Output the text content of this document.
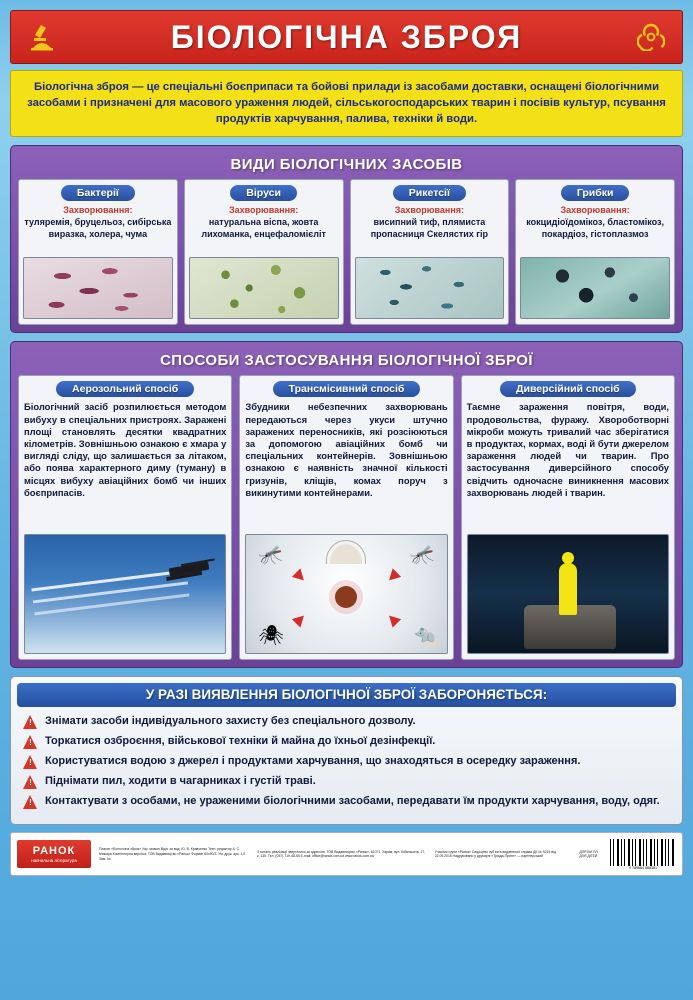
БІОЛОГІЧНА ЗБРОЯ

Біологічна зброя — це спеціальні боєприпаси та бойові прилади із засобами доставки, оснащені біологічними засобами і призначені для масового ураження людей, сільськогосподарських тварин і посівів культур, псування продуктів харчування, палива, техніки й води.

ВИДИ БІОЛОГІЧНИХ ЗАСОБІВ
Бактерії
Захворювання:
туляремія, бруцельоз, сибірська виразка, холера, чума
Віруси
Захворювання:
натуральна віспа, жовта лихоманка, енцефаломієліт
Рикетсії
Захворювання:
висипний тиф, плямиста пропасниця Скелястих гір
Грибки
Захворювання:
кокцидіоїдомікоз, бластомікоз, покардіоз, гістоплазмоз
СПОСОБИ ЗАСТОСУВАННЯ БІОЛОГІЧНОЇ ЗБРОЇ
Аерозольний спосіб
Біологічний засіб розпилюється методом вибуху в спеціальних пристроях. Заражені площі становлять десятки квадратних кілометрів. Зовнішньою ознакою є хмара у вигляді сліду, що залишається за літаком, або поява характерного диму (туману) в місцях вибуху авіаційних бомб чи інших боєприпасів.
Трансмісивний спосіб
Збудники небезпечних захворювань передаються через укуси штучно заражених переносників, які розсіюються за допомогою авіаційних бомб чи спеціальних контейнерів. Зовнішньою ознакою є наявність значної кількості гризунів, кліщів, комах поруч з викинутими контейнерами.
🦟	🦟
🕷	🐀
Диверсійний спосіб
Таємне зараження повітря, води, продовольства, фуражу. Хвороботворні мікроби можуть тривалий час зберігатися в продуктах, кормах, воді й бути джерелом зараження людей чи тварин. Про застосування диверсійного способу свідчить одночасне виникнення масових захворювань людей і тварин.
У РАЗІ ВИЯВЛЕННЯ БІОЛОГІЧНОЇ ЗБРОЇ ЗАБОРОНЯЄТЬСЯ:
!
Знімати засоби індивідуального захисту без спеціального дозволу.
!
Торкатися озброєння, військової техніки й майна до їхньої дезінфекції.
!
Користуватися водою з джерел і продуктами харчування, що знаходяться в осередку зараження.
!
Піднімати пил, ходити в чагарниках і густій траві.
!
Контактувати з особами, не ураженими біологічними засобами, передавати їм продукти харчування, воду, одяг.
РАНОК
навчальна література
Плакат «Біологічна зброя» Укр. мовою Відп. за вид. Ю. В. Кравченко Техн. редактор А. С. Мажара Комп'ютерна верстка: ТОВ Видавництво «Ранок» Формат 60х90/1. Ум. друк. арк. 1,0. Зам. №
З питань реалізації звертатися за адресою: ТОВ Видавництво «Ранок», 61071, Харків, вул. Кібальчича, 27, к. 135. Тел. (057) 719-48-65 E-mail: office@ranok.com.ua www.ranok.com.ua
Учасник групи «Ранок» Свідоцтво суб'єкта видавничої справи ДК № 5215 від 22.09.2016 Надруковано у друкарні «Тріада-Принт» — партнерський
ДЛЯ ВИ ПЛ. ДЛЯ ДІТЕЙ
9 789664 668351
